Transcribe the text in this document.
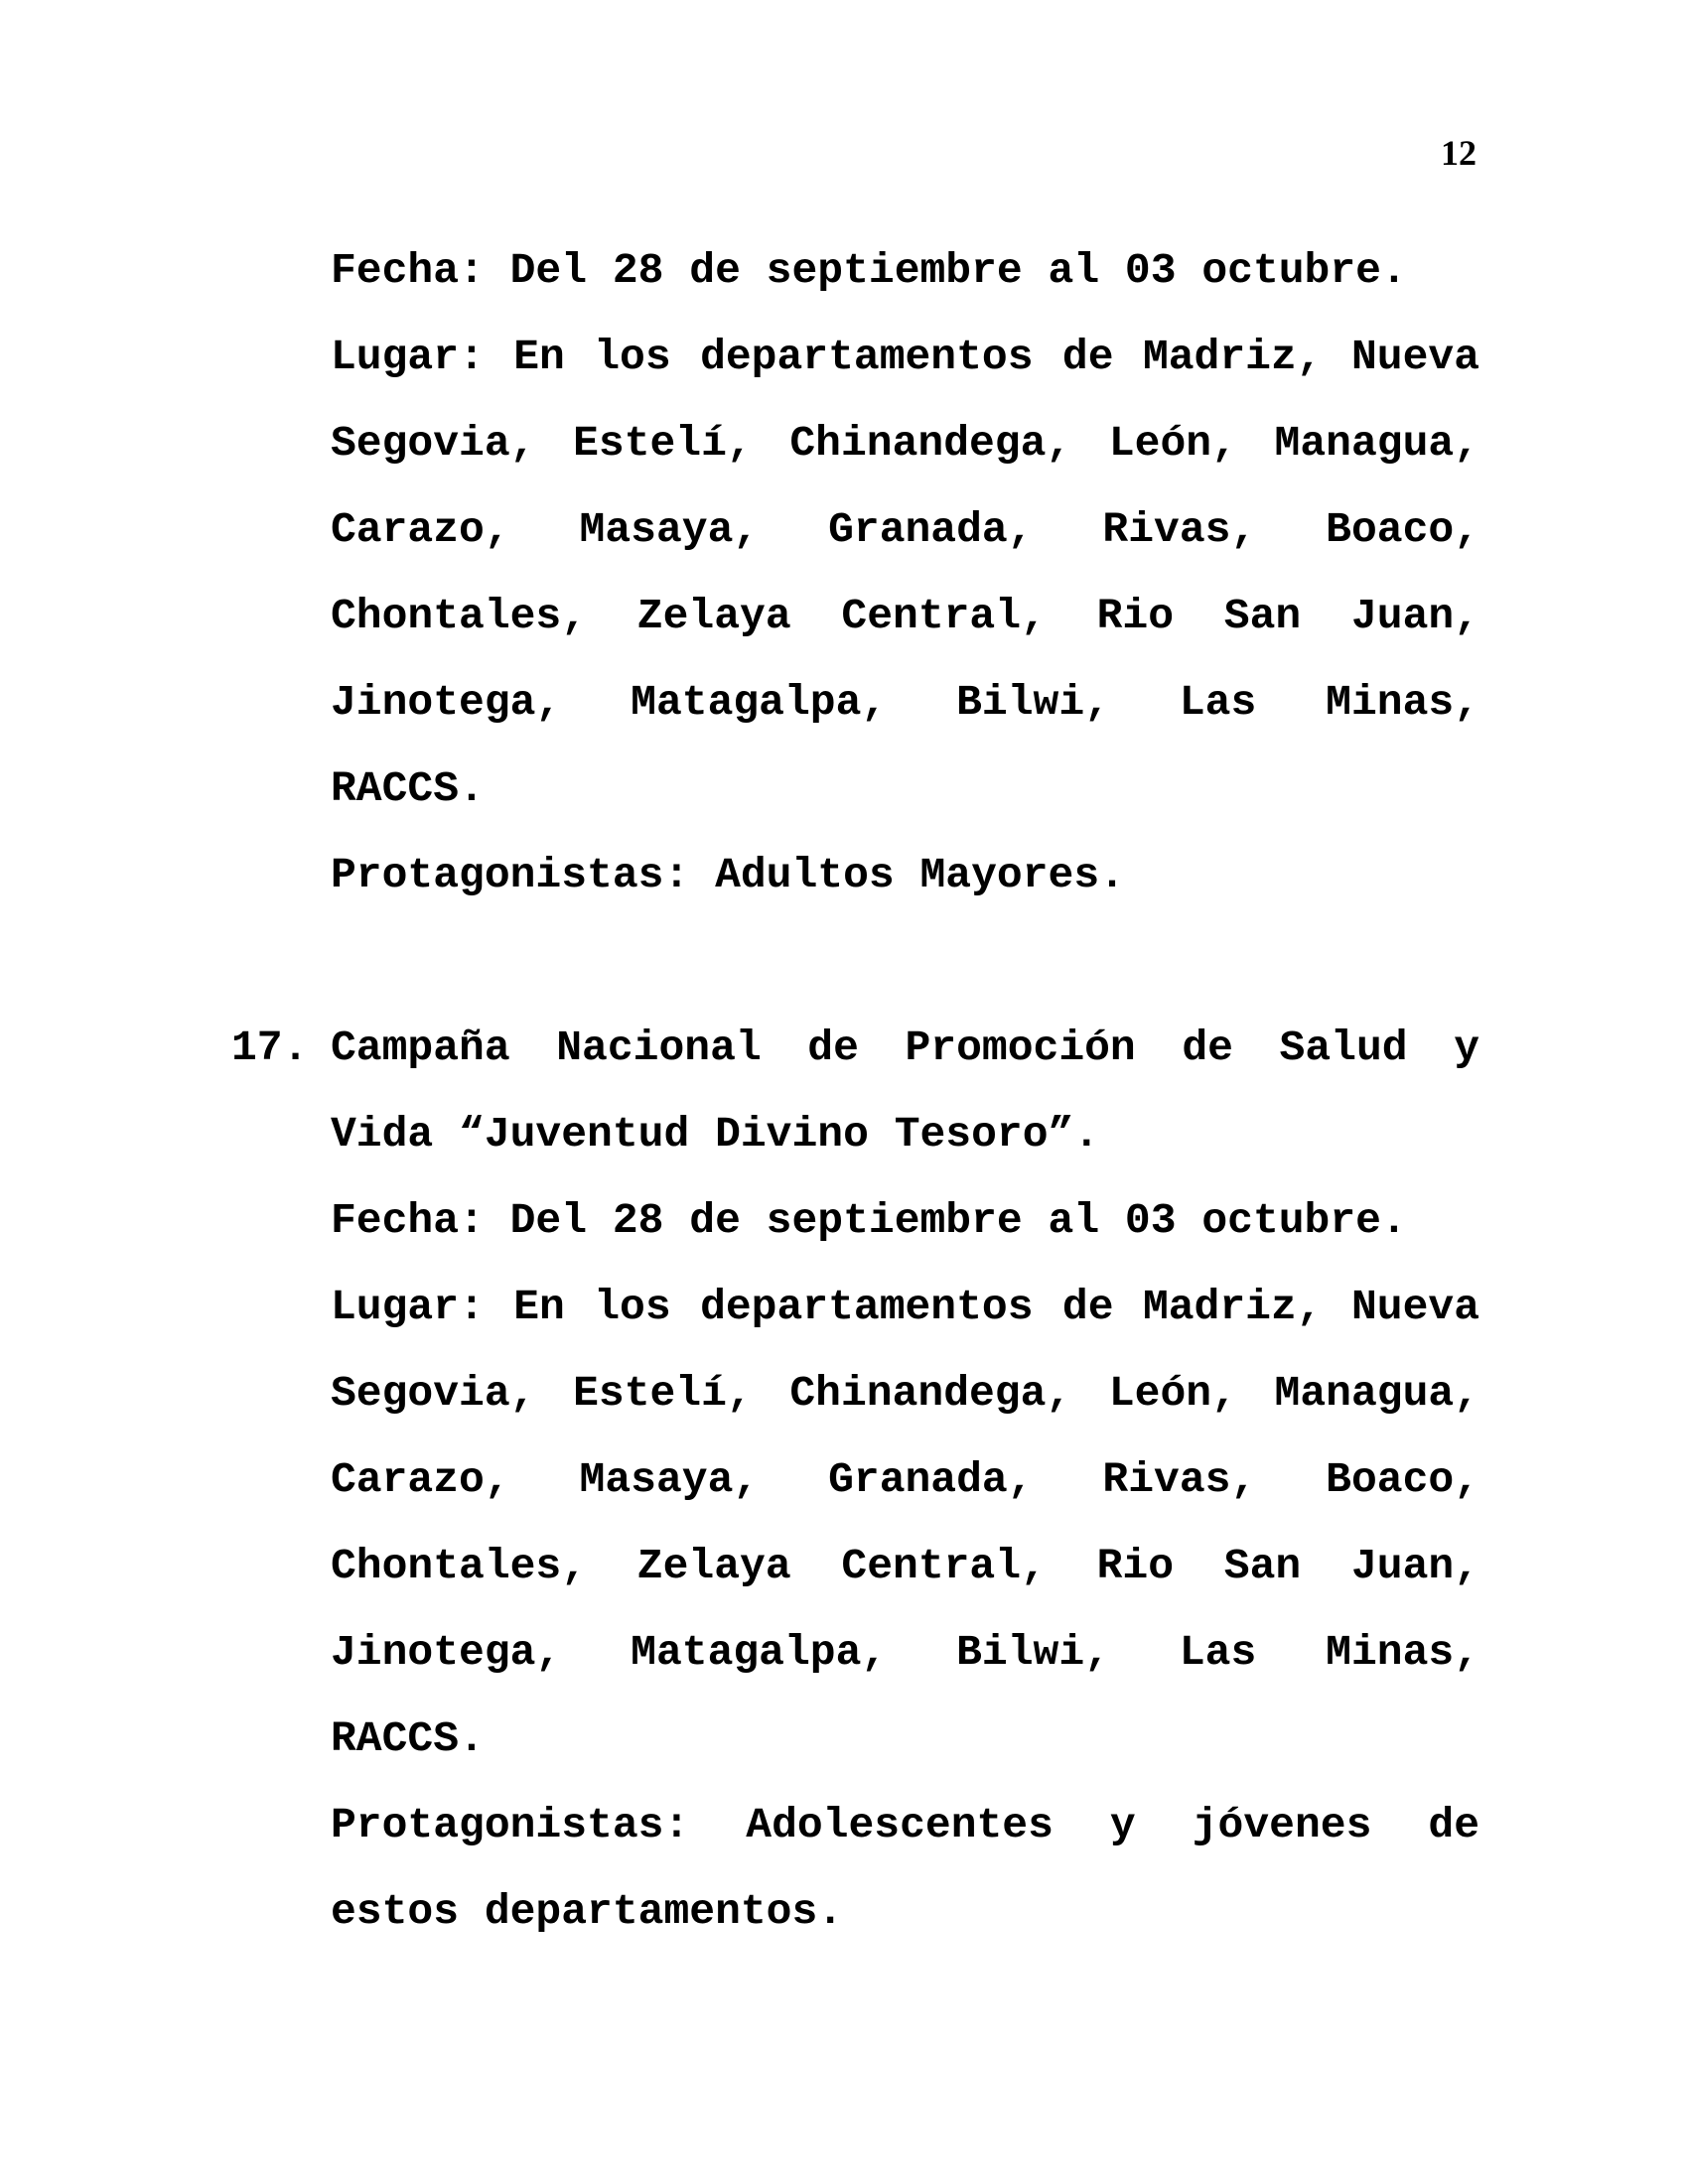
12

Fecha: Del 28 de septiembre al 03 octubre.

Lugar: En los departamentos de Madriz, Nueva Segovia, Estelí, Chinandega, León, Managua, Carazo, Masaya, Granada, Rivas, Boaco, Chontales, Zelaya Central, Rio San Juan, Jinotega, Matagalpa, Bilwi, Las Minas, RACCS.

Protagonistas: Adultos Mayores.

17. Campaña Nacional de Promoción de Salud y Vida “Juventud Divino Tesoro”.

Fecha: Del 28 de septiembre al 03 octubre.

Lugar: En los departamentos de Madriz, Nueva Segovia, Estelí, Chinandega, León, Managua, Carazo, Masaya, Granada, Rivas, Boaco, Chontales, Zelaya Central, Rio San Juan, Jinotega, Matagalpa, Bilwi, Las Minas, RACCS.

Protagonistas: Adolescentes y jóvenes de estos departamentos.
